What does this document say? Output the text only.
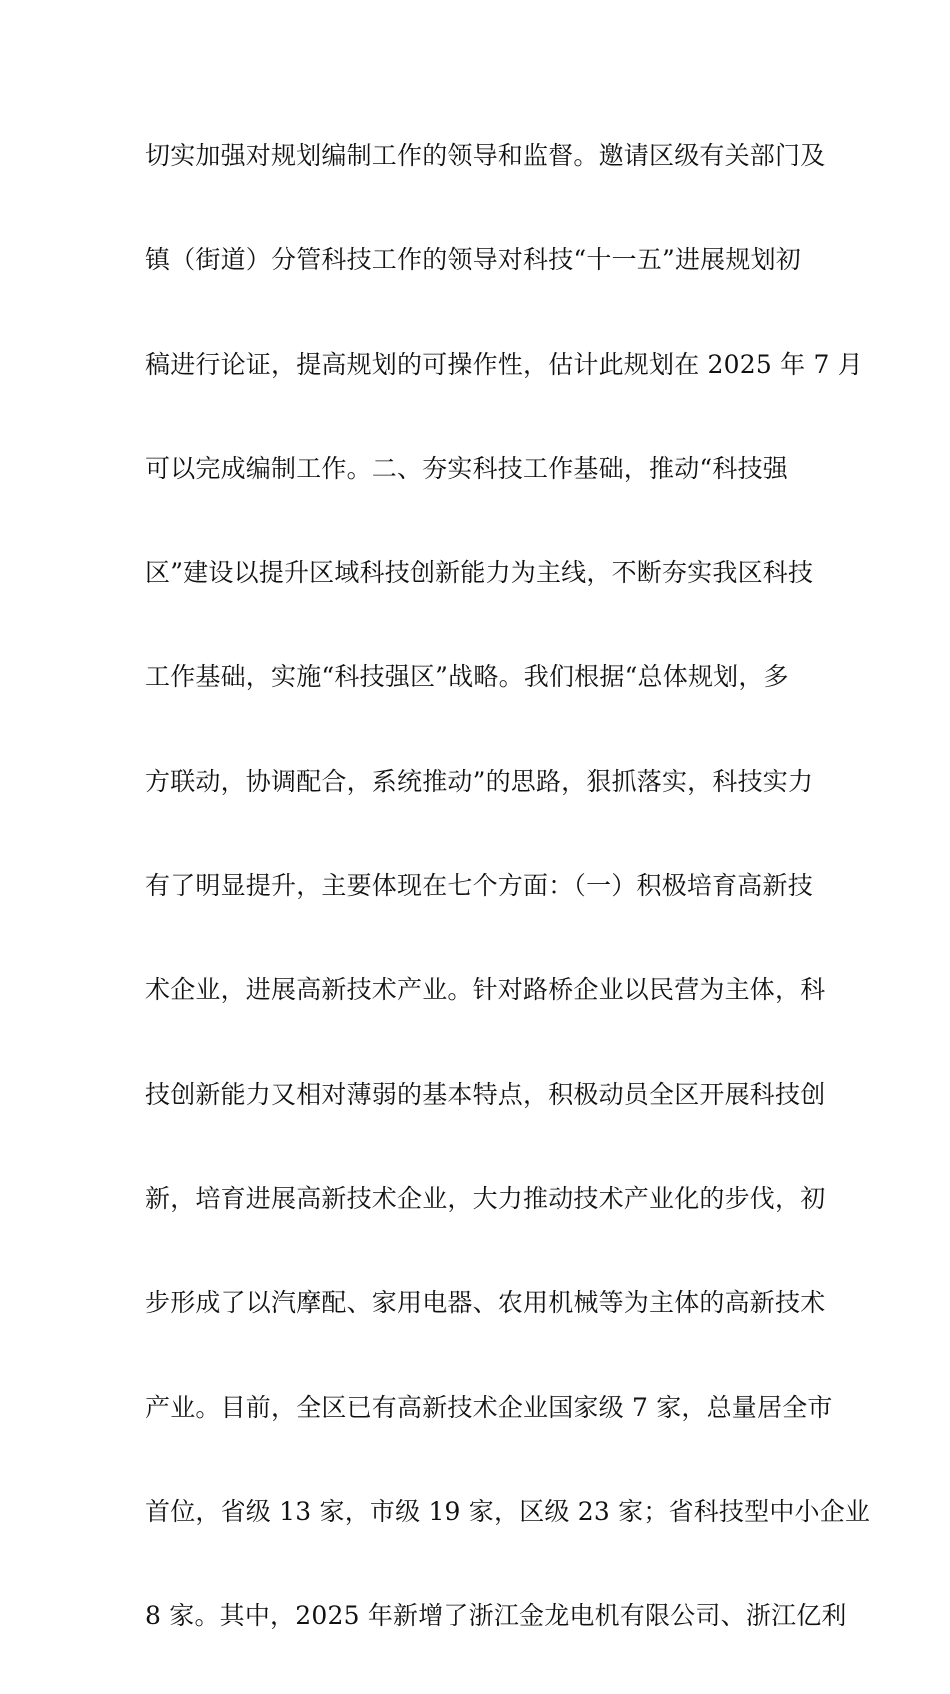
切实加强对规划编制工作的领导和监督。邀请区级有关部门及
镇（街道）分管科技工作的领导对科技“十一五”进展规划初
稿进行论证，提高规划的可操作性，估计此规划在 2025 年 7 月
可以完成编制工作。二、夯实科技工作基础，推动“科技强
区”建设以提升区域科技创新能力为主线，不断夯实我区科技
工作基础，实施“科技强区”战略。我们根据“总体规划，多
方联动，协调配合，系统推动”的思路，狠抓落实，科技实力
有了明显提升，主要体现在七个方面：（一）积极培育高新技
术企业，进展高新技术产业。针对路桥企业以民营为主体，科
技创新能力又相对薄弱的基本特点，积极动员全区开展科技创
新，培育进展高新技术企业，大力推动技术产业化的步伐，初
步形成了以汽摩配、家用电器、农用机械等为主体的高新技术
产业。目前，全区已有高新技术企业国家级 7 家，总量居全市
首位，省级 13 家，市级 19 家，区级 23 家；省科技型中小企业
8 家。其中，2025 年新增了浙江金龙电机有限公司、浙江亿利
